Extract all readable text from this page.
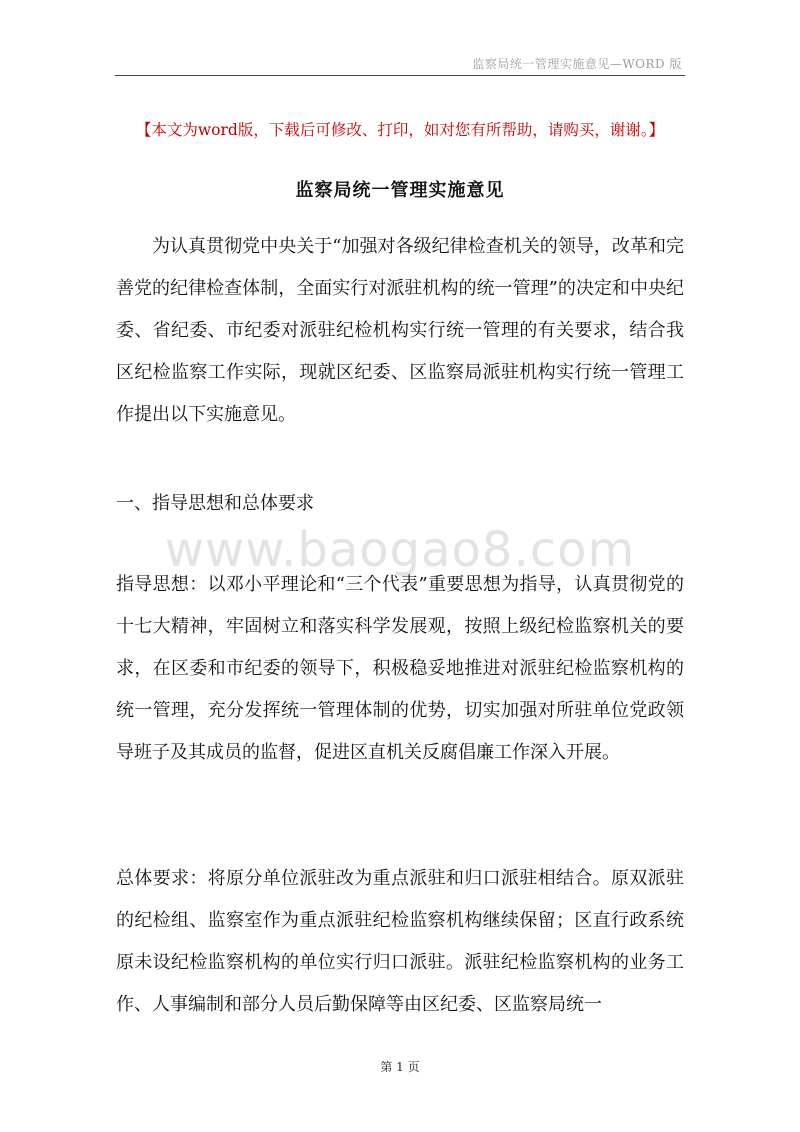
监察局统一管理实施意见—WORD 版
【本文为word版，下载后可修改、打印，如对您有所帮助，请购买，谢谢。】
监察局统一管理实施意见

为认真贯彻党中央关于“加强对各级纪律检查机关的领导，改革和完善党的纪律检查体制，全面实行对派驻机构的统一管理”的决定和中央纪委、省纪委、市纪委对派驻纪检机构实行统一管理的有关要求，结合我区纪检监察工作实际，现就区纪委、区监察局派驻机构实行统一管理工作提出以下实施意见。

一、指导思想和总体要求

www.baogao8.com

指导思想：以邓小平理论和“三个代表”重要思想为指导，认真贯彻党的十七大精神，牢固树立和落实科学发展观，按照上级纪检监察机关的要求，在区委和市纪委的领导下，积极稳妥地推进对派驻纪检监察机构的统一管理，充分发挥统一管理体制的优势，切实加强对所驻单位党政领导班子及其成员的监督，促进区直机关反腐倡廉工作深入开展。

总体要求：将原分单位派驻改为重点派驻和归口派驻相结合。原双派驻的纪检组、监察室作为重点派驻纪检监察机构继续保留；区直行政系统原未设纪检监察机构的单位实行归口派驻。派驻纪检监察机构的业务工作、人事编制和部分人员后勤保障等由区纪委、区监察局统一

第 1 页
